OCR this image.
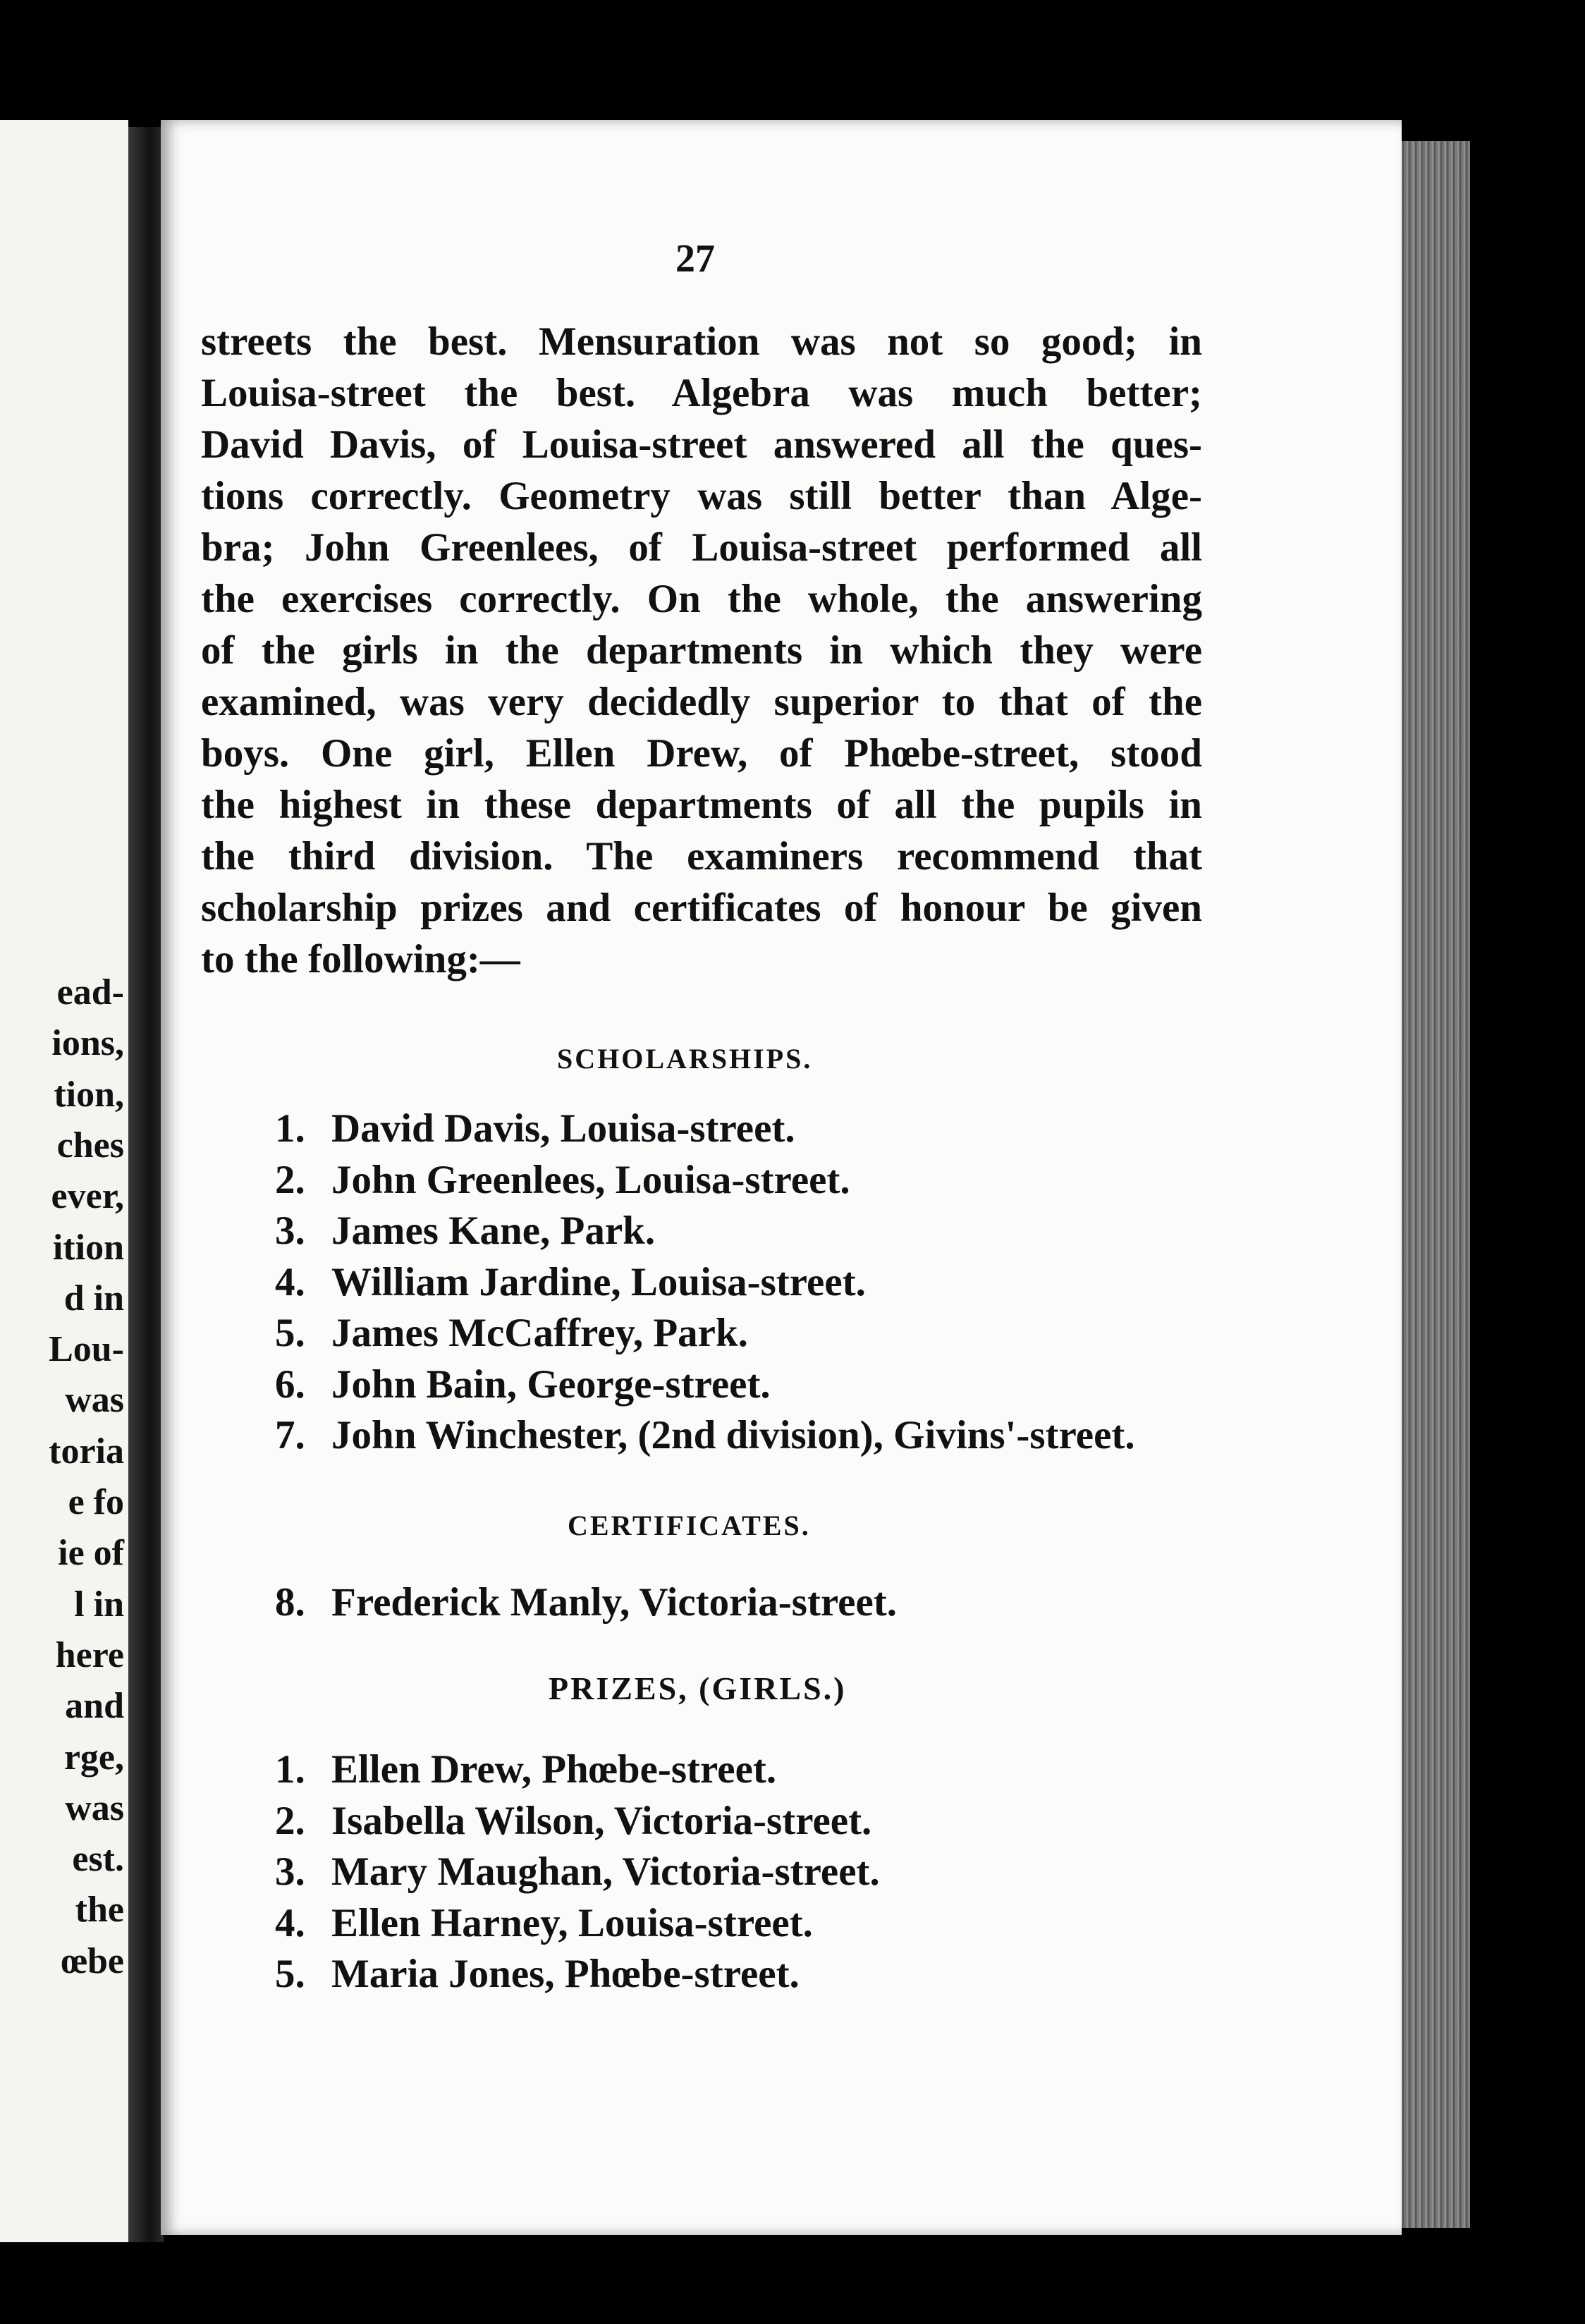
ead-
ions,
tion,
ches
ever,
ition
d in
Lou-
was
toria
e fo
ie of
l in
here
and
rge,
was
est.
the
œbe
27
streets the best. Mensuration was not so good; in
Louisa-street the best. Algebra was much better;
David Davis, of Louisa-street answered all the ques-
tions correctly. Geometry was still better than Alge-
bra; John Greenlees, of Louisa-street performed all
the exercises correctly. On the whole, the answering
of the girls in the departments in which they were
examined, was very decidedly superior to that of the
boys. One girl, Ellen Drew, of Phœbe-street, stood
the highest in these departments of all the pupils in
the third division. The examiners recommend that
scholarship prizes and certificates of honour be given
to the following:—
SCHOLARSHIPS.
1. David Davis, Louisa-street.
2. John Greenlees, Louisa-street.
3. James Kane, Park.
4. William Jardine, Louisa-street.
5. James McCaffrey, Park.
6. John Bain, George-street.
7. John Winchester, (2nd division), Givins'-street.
CERTIFICATES.
8. Frederick Manly, Victoria-street.
PRIZES, (GIRLS.)
1. Ellen Drew, Phœbe-street.
2. Isabella Wilson, Victoria-street.
3. Mary Maughan, Victoria-street.
4. Ellen Harney, Louisa-street.
5. Maria Jones, Phœbe-street.
